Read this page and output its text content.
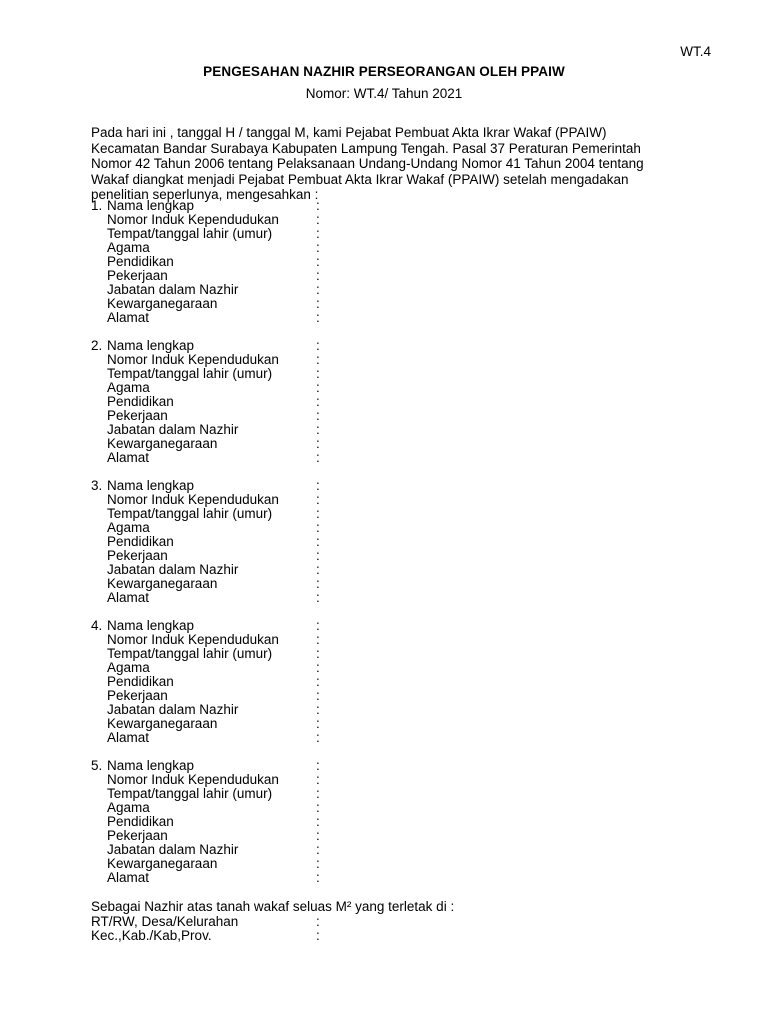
WT.4
PENGESAHAN NAZHIR PERSEORANGAN OLEH PPAIW
Nomor: WT.4/ Tahun 2021
Pada hari ini , tanggal H / tanggal M, kami Pejabat Pembuat Akta Ikrar Wakaf (PPAIW)
Kecamatan Bandar Surabaya Kabupaten Lampung Tengah. Pasal 37 Peraturan Pemerintah
Nomor 42 Tahun 2006 tentang Pelaksanaan Undang-Undang Nomor 41 Tahun 2004 tentang
Wakaf diangkat menjadi Pejabat Pembuat Akta Ikrar Wakaf (PPAIW) setelah mengadakan
penelitian seperlunya, mengesahkan :
1. Nama lengkap	:
Nomor Induk Kependudukan	:
Tempat/tanggal lahir (umur)	:
Agama	:
Pendidikan	:
Pekerjaan	:
Jabatan dalam Nazhir	:
Kewarganegaraan	:
Alamat	:
2. Nama lengkap	:
Nomor Induk Kependudukan	:
Tempat/tanggal lahir (umur)	:
Agama	:
Pendidikan	:
Pekerjaan	:
Jabatan dalam Nazhir	:
Kewarganegaraan	:
Alamat	:
3. Nama lengkap	:
Nomor Induk Kependudukan	:
Tempat/tanggal lahir (umur)	:
Agama	:
Pendidikan	:
Pekerjaan	:
Jabatan dalam Nazhir	:
Kewarganegaraan	:
Alamat	:
4. Nama lengkap	:
Nomor Induk Kependudukan	:
Tempat/tanggal lahir (umur)	:
Agama	:
Pendidikan	:
Pekerjaan	:
Jabatan dalam Nazhir	:
Kewarganegaraan	:
Alamat	:
5. Nama lengkap	:
Nomor Induk Kependudukan	:
Tempat/tanggal lahir (umur)	:
Agama	:
Pendidikan	:
Pekerjaan	:
Jabatan dalam Nazhir	:
Kewarganegaraan	:
Alamat	:
Sebagai Nazhir atas tanah wakaf seluas M² yang terletak di :
RT/RW, Desa/Kelurahan	:
Kec.,Kab./Kab,Prov.	:
